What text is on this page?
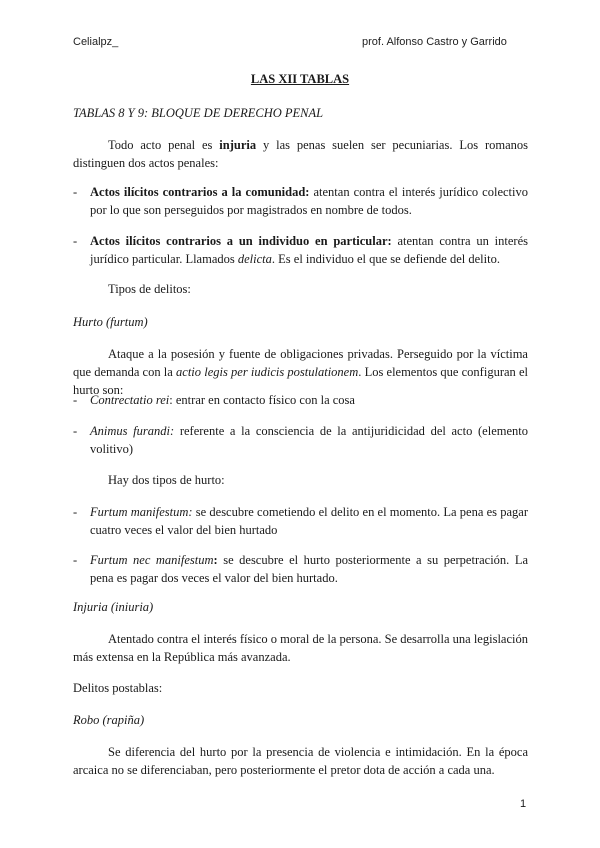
Celialpz_	prof. Alfonso Castro y Garrido
LAS XII TABLAS
TABLAS 8 Y 9: BLOQUE DE DERECHO PENAL
Todo acto penal es injuria y las penas suelen ser pecuniarias. Los romanos distinguen dos actos penales:
- Actos ilícitos contrarios a la comunidad: atentan contra el interés jurídico colectivo por lo que son perseguidos por magistrados en nombre de todos.
- Actos ilícitos contrarios a un individuo en particular: atentan contra un interés jurídico particular. Llamados delicta. Es el individuo el que se defiende del delito.
Tipos de delitos:
Hurto (furtum)
Ataque a la posesión y fuente de obligaciones privadas. Perseguido por la víctima que demanda con la actio legis per iudicis postulationem. Los elementos que configuran el hurto son:
- Contrectatio rei: entrar en contacto físico con la cosa
- Animus furandi: referente a la consciencia de la antijuridicidad del acto (elemento volitivo)
Hay dos tipos de hurto:
- Furtum manifestum: se descubre cometiendo el delito en el momento. La pena es pagar cuatro veces el valor del bien hurtado
- Furtum nec manifestum: se descubre el hurto posteriormente a su perpetración. La pena es pagar dos veces el valor del bien hurtado.
Injuria (iniuria)
Atentado contra el interés físico o moral de la persona. Se desarrolla una legislación más extensa en la República más avanzada.
Delitos postablas:
Robo (rapiña)
Se diferencia del hurto por la presencia de violencia e intimidación. En la época arcaica no se diferenciaban, pero posteriormente el pretor dota de acción a cada una.
1
